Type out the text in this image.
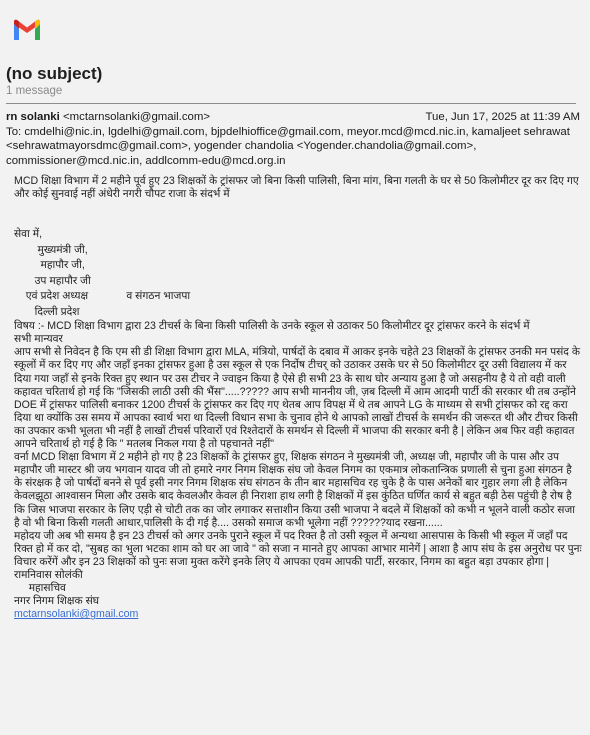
(no subject)
1 message
rn solanki <mctarnsolanki@gmail.com>	Tue, Jun 17, 2025 at 11:39 AM
To: cmdelhi@nic.in, lgdelhi@gmail.com, bjpdelhioffice@gmail.com, meyor.mcd@mcd.nic.in, kamaljeet sehrawat <sehrawatmayorsdmc@gmail.com>, yogender chandolia <Yogender.chandolia@gmail.com>, commissioner@mcd.nic.in, addlcomm-edu@mcd.org.in
MCD शिक्षा विभाग में 2 महीने पूर्व हुए 23 शिक्षकों के ट्रांसफर जो बिना किसी पालिसी, बिना मांग, बिना गलती के घर से 50 किलोमीटर दूर कर दिए गए और कोई सुनवाई नहीं अंधेरी नगरी चौपट राजा के संदर्भ में
सेवा में,
मुख्यमंत्री जी,
महापौर जी,
उप महापौर जी
एवं प्रदेश अध्यक्ष             व संगठन भाजपा
दिल्ली प्रदेश
विषय :- MCD शिक्षा विभाग द्वारा 23 टीचर्स के बिना किसी पालिसी के उनके स्कूल से उठाकर 50 किलोमीटर दूर ट्रांसफर करने के संदर्भ में
सभी मान्यवर
आप सभी से निवेदन है कि एम सी डी शिक्षा विभाग द्वारा MLA, मंत्रियो, पार्षदों के दबाव में आकर इनके चहेते 23 शिक्षकों के ट्रांसफर उनकी मन पसंद के स्कूलों में कर दिए गए और जहाँ इनका ट्रांसफर हुआ है उस स्कूल से एक निर्दोष टीचर् को उठाकर उसके घर से 50 किलोमीटर दूर उसी विद्यालय में कर दिया गया जहाँ से इनके रिक्त हुए स्थान पर उस टीचर ने ज्वाइन किया है ऐसे ही सभी 23 के साथ घोर अन्याय हुआ है जो असहनीय है ये तो वही वाली कहावत चरितार्थ हो गई कि "जिसकी लाठी उसी की भैंस".....????? आप सभी माननीय जी, ज़ब दिल्ली में आम आदमी पार्टी की सरकार थी तब उन्होंने DOE में ट्रांसफर पालिसी बनाकर 1200 टीचर्स के ट्रांसफर कर दिए गए थेतब आप विपक्ष में थे तब आपने LG के माध्यम से सभी ट्रांसफर को रद्द करा दिया था क्योंकि उस समय में आपका स्वार्थ भरा था दिल्ली विधान सभा के चुनाव होने थे आपको लाखों टीचर्स के समर्थन की जरूरत थी और टीचर किसी का उपकार कभी भूलता भी नहीं है लाखों टीचर्स परिवारों एवं रिश्तेदारों के समर्थन से दिल्ली में भाजपा की सरकार बनी है | लेकिन अब फिर वही कहावत आपने चरितार्थ हो गई है कि " मतलब निकल गया है तो पहचानते नहीं"
वर्ना MCD शिक्षा विभाग में 2 महीने हो गए है 23 शिक्षकों के ट्रांसफर हुए, शिक्षक संगठन ने मुख्यमंत्री जी, अध्यक्ष जी, महापौर जी के पास और उप महापौर जी मास्टर श्री जय भगवान यादव जी तो हमारे नगर निगम शिक्षक संघ जो केवल निगम का एकमात्र लोकतान्त्रिक प्रणाली से चुना हुआ संगठन है के संरक्षक है जो पार्षदों बनने से पूर्व इसी नगर निगम शिक्षक संघ संगठन के तीन बार महासचिव रह चुके है के पास अनेकों बार गुहार लगा ली है लेकिन केवलझूठा आश्वासन मिला और उसके बाद केवलऔर केवल ही निराशा हाथ लगी है शिक्षकों में इस कुंठित घर्णित कार्य से बहुत बड़ी ठेस पहुंची है रोष है कि जिस भाजपा सरकार के लिए एड़ी से चोटी तक का जोर लगाकर सत्ताशीन किया उसी भाजपा ने बदले में शिक्षकों को कभी न भूलने वाली कठोर सजा है वो भी बिना किसी गलती आधार,पालिसी के दी गई है.... उसको समाज कभी भूलेगा नहीं ??????याद रखना......
महोदय जी अब भी समय है इन 23 टीचर्स को अगर उनके पुराने स्कूल में पद रिक्त है तो उसी स्कूल में अन्यथा आसपास के किसी भी स्कूल में जहाँ पद रिक्त हो में कर दो, "सुबह का भुला भटका शाम को घर आ जावे " को सजा न मानते हुए आपका आभार मानेगें | आशा है आप संघ के इस अनुरोध पर पुनः विचार करेंगें और इन 23 शिक्षकों को पुनः सजा मुक्त करेंगे इनके लिए ये आपका एवम आपकी पार्टी, सरकार, निगम का बहुत बड़ा उपकार होगा |
रामनिवास सोलंकी
महासचिव
नगर निगम शिक्षक संघ
mctarnsolanki@gmail.com
